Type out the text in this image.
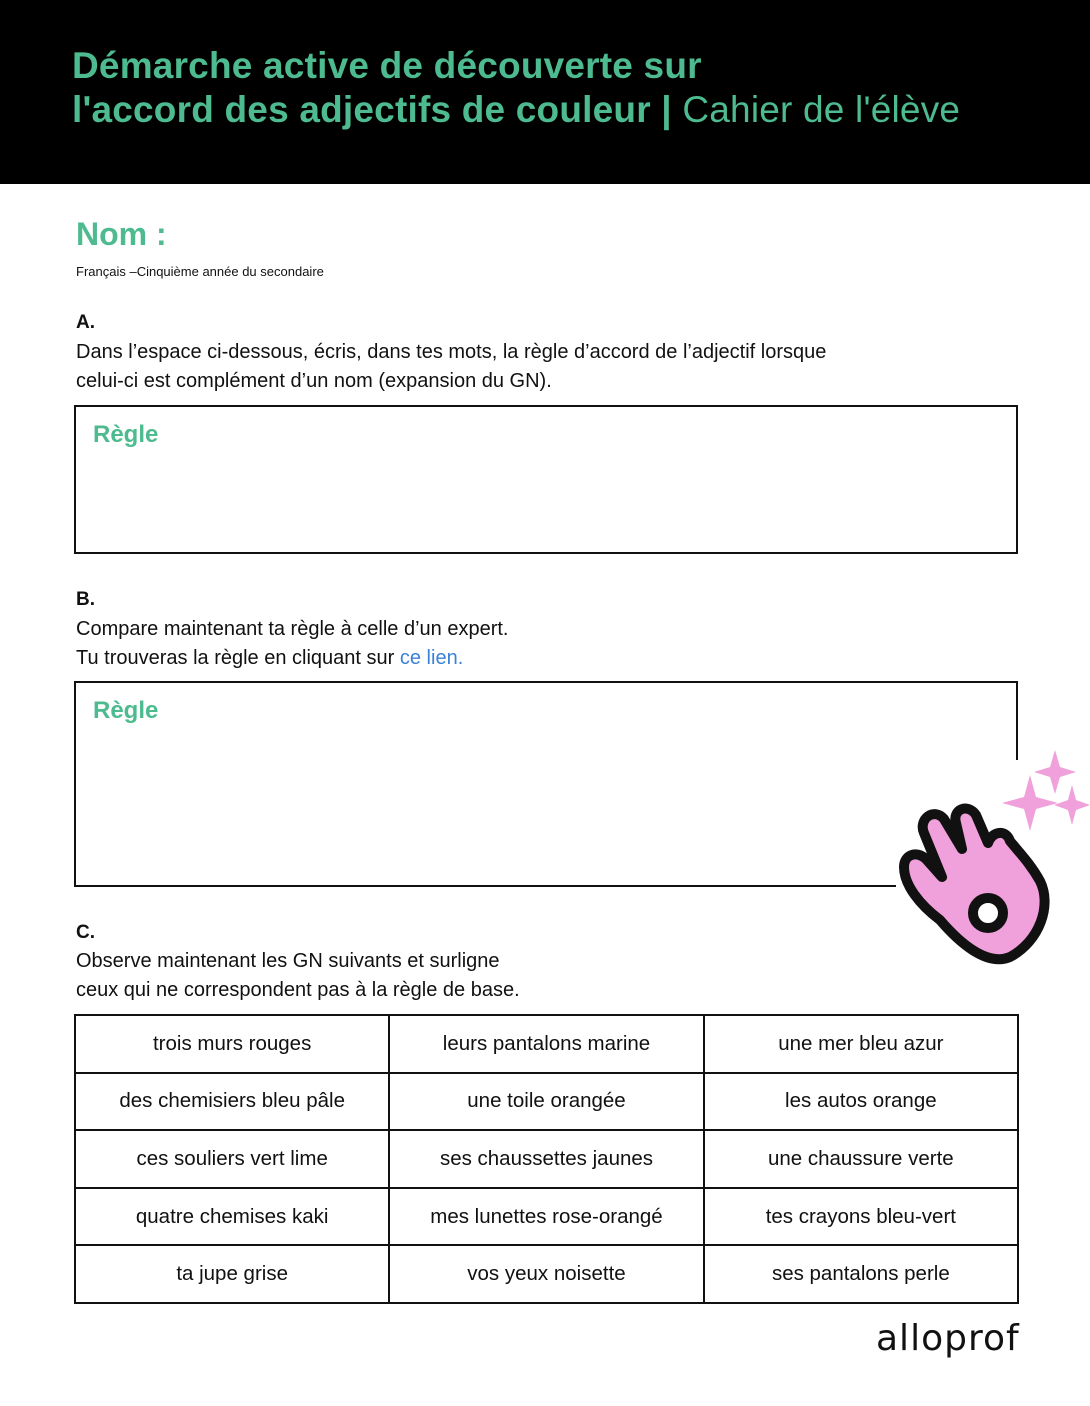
Démarche active de découverte sur
l'accord des adjectifs de couleur | Cahier de l'élève
Nom :
Français –Cinquième année du secondaire
A.
Dans l’espace ci-dessous, écris, dans tes mots, la règle d’accord de l’adjectif lorsque
celui-ci est complément d’un nom (expansion du GN).
Règle
B.
Compare maintenant ta règle à celle d’un expert.
Tu trouveras la règle en cliquant sur ce lien.
Règle
C.
Observe maintenant les GN suivants et surligne
ceux qui ne correspondent pas à la règle de base.
trois murs rouges	leurs pantalons marine	une mer bleu azur
des chemisiers bleu pâle	une toile orangée	les autos orange
ces souliers vert lime	ses chaussettes jaunes	une chaussure verte
quatre chemises kaki	mes lunettes rose-orangé	tes crayons bleu-vert
ta jupe grise	vos yeux noisette	ses pantalons perle
alloprof
